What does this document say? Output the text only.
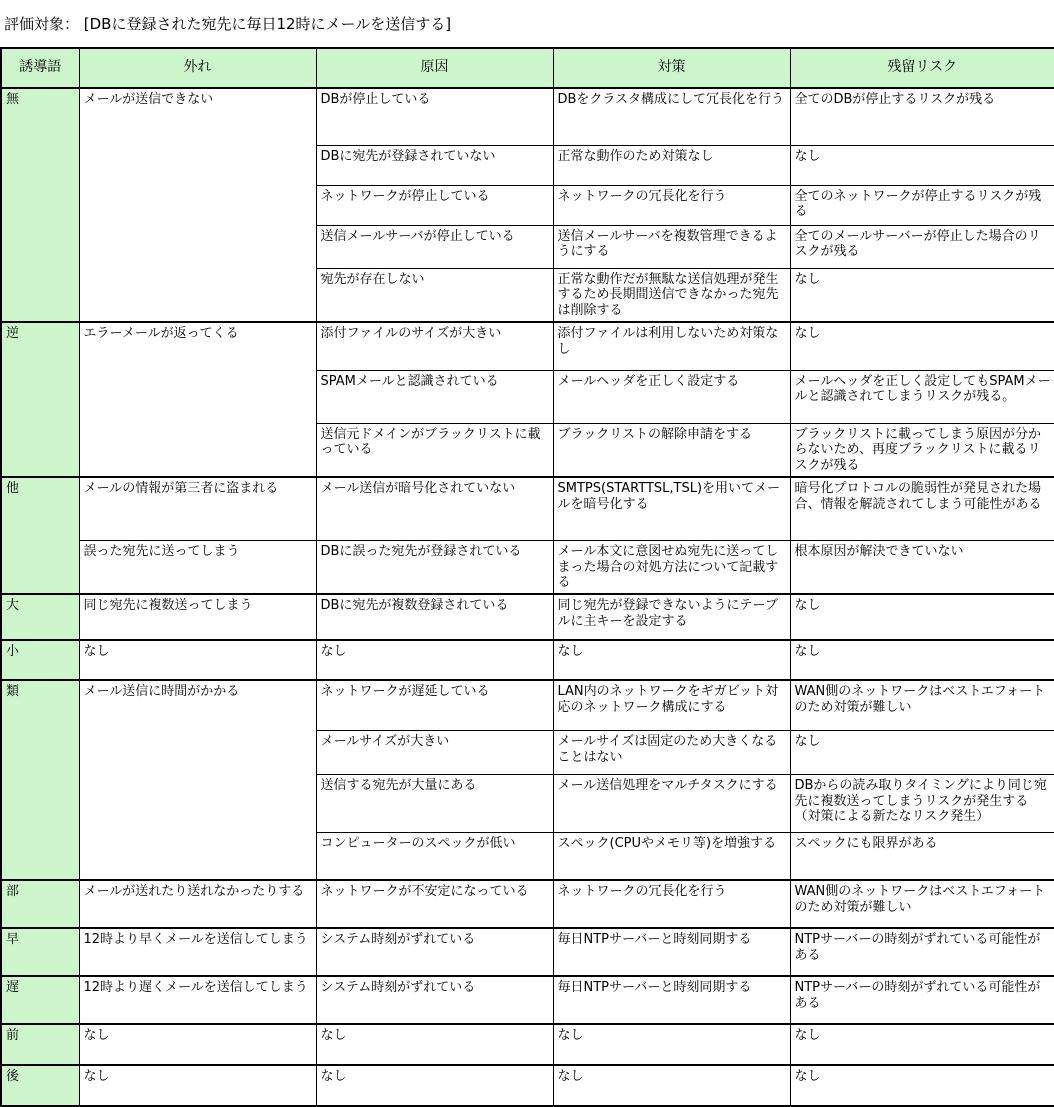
評価対象： [DBに登録された宛先に毎日12時にメールを送信する]
誘導語	外れ	原因	対策	残留リスク
無	メールが送信できない	DBが停止している	DBをクラスタ構成にして冗長化を行う	全てのDBが停止するリスクが残る
		DBに宛先が登録されていない	正常な動作のため対策なし	なし
		ネットワークが停止している	ネットワークの冗長化を行う	全てのネットワークが停止するリスクが残る
		送信メールサーバが停止している	送信メールサーバを複数管理できるようにする	全てのメールサーバーが停止した場合のリスクが残る
		宛先が存在しない	正常な動作だが無駄な送信処理が発生するため長期間送信できなかった宛先は削除する	なし
逆	エラーメールが返ってくる	添付ファイルのサイズが大きい	添付ファイルは利用しないため対策なし	なし
		SPAMメールと認識されている	メールヘッダを正しく設定する	メールヘッダを正しく設定してもSPAMメールと認識されてしまうリスクが残る。
		送信元ドメインがブラックリストに載っている	ブラックリストの解除申請をする	ブラックリストに載ってしまう原因が分からないため、再度ブラックリストに載るリスクが残る
他	メールの情報が第三者に盗まれる	メール送信が暗号化されていない	SMTPS(STARTTSL,TSL)を用いてメールを暗号化する	暗号化プロトコルの脆弱性が発見された場合、情報を解読されてしまう可能性がある
	誤った宛先に送ってしまう	DBに誤った宛先が登録されている	メール本文に意図せぬ宛先に送ってしまった場合の対処方法について記載する	根本原因が解決できていない
大	同じ宛先に複数送ってしまう	DBに宛先が複数登録されている	同じ宛先が登録できないようにテーブルに主キーを設定する	なし
小	なし	なし	なし	なし
類	メール送信に時間がかかる	ネットワークが遅延している	LAN内のネットワークをギガビット対応のネットワーク構成にする	WAN側のネットワークはベストエフォートのため対策が難しい
		メールサイズが大きい	メールサイズは固定のため大きくなることはない	なし
		送信する宛先が大量にある	メール送信処理をマルチタスクにする	DBからの読み取りタイミングにより同じ宛先に複数送ってしまうリスクが発生する（対策による新たなリスク発生）
		コンピューターのスペックが低い	スペック(CPUやメモリ等)を増強する	スペックにも限界がある
部	メールが送れたり送れなかったりする	ネットワークが不安定になっている	ネットワークの冗長化を行う	WAN側のネットワークはベストエフォートのため対策が難しい
早	12時より早くメールを送信してしまう	システム時刻がずれている	毎日NTPサーバーと時刻同期する	NTPサーバーの時刻がずれている可能性がある
遅	12時より遅くメールを送信してしまう	システム時刻がずれている	毎日NTPサーバーと時刻同期する	NTPサーバーの時刻がずれている可能性がある
前	なし	なし	なし	なし
後	なし	なし	なし	なし
